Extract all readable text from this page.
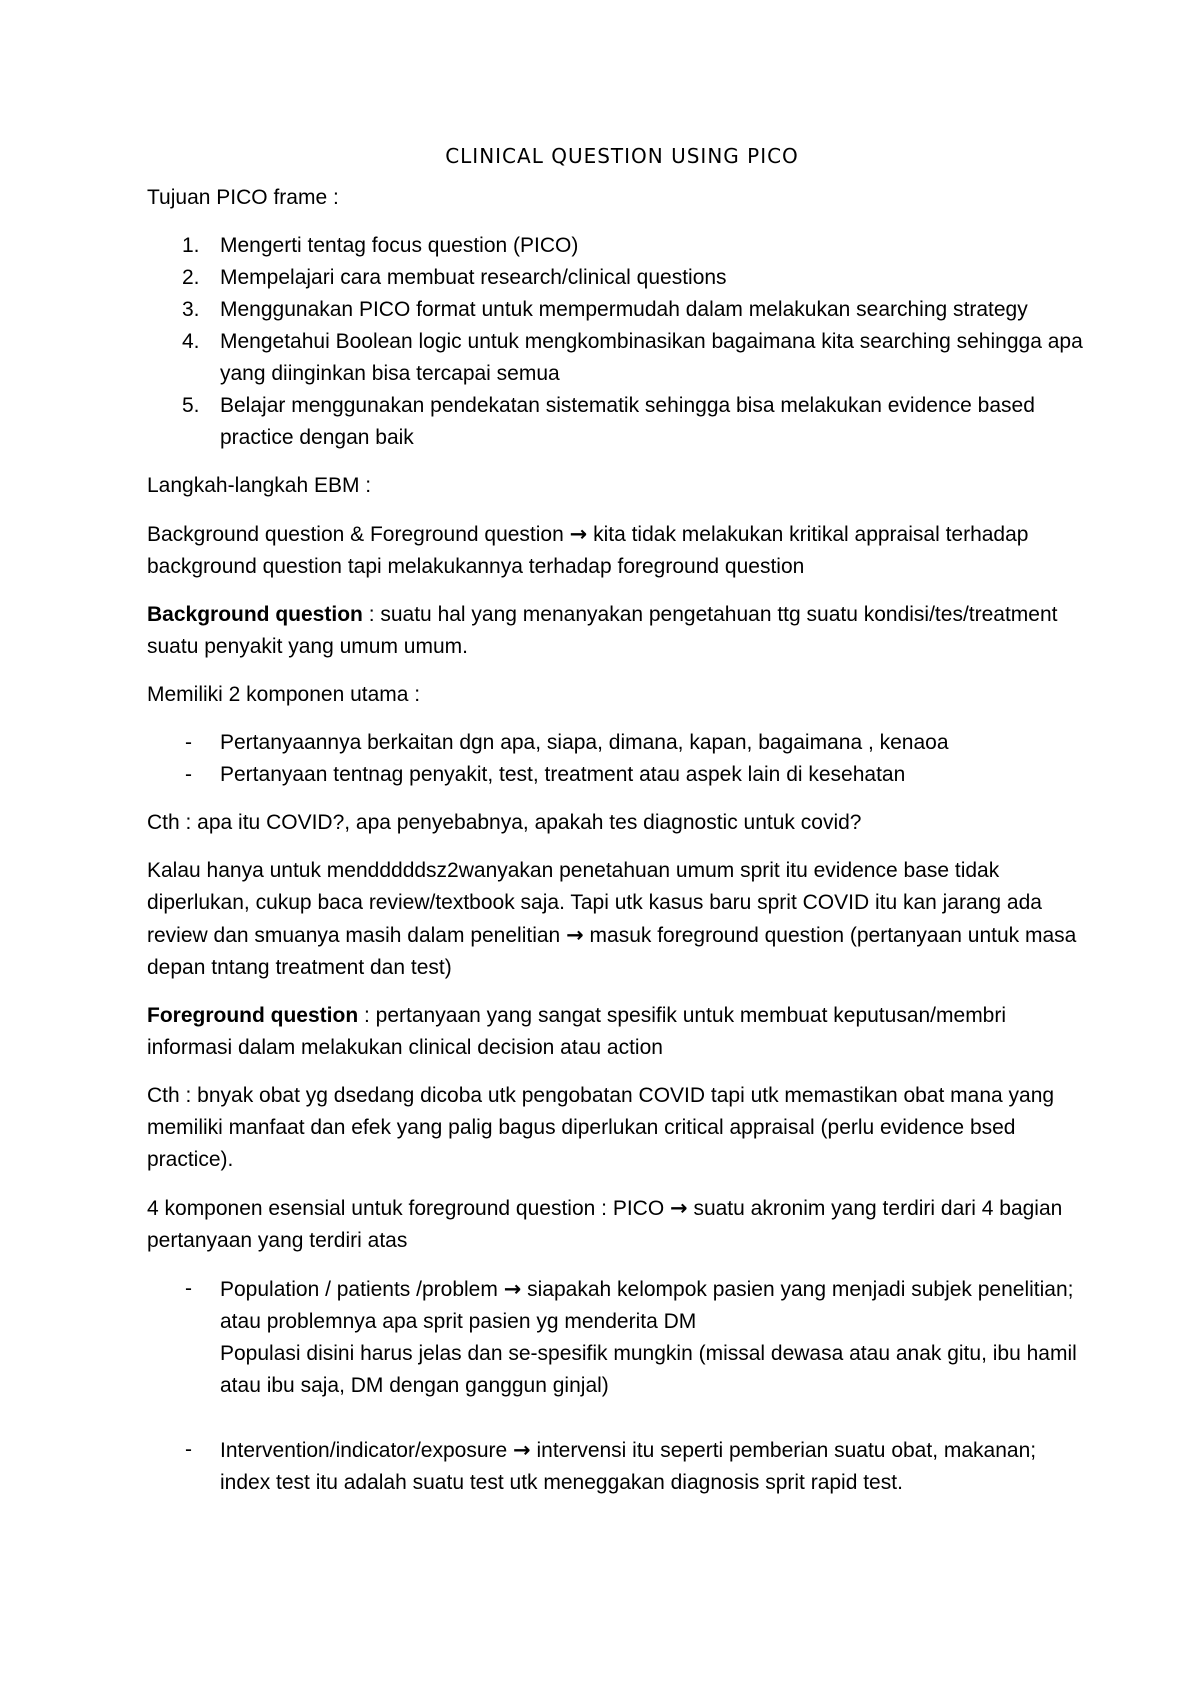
CLINICAL QUESTION USING PICO

Tujuan PICO frame :

1. Mengerti tentag focus question (PICO)
2. Mempelajari cara membuat research/clinical questions
3. Menggunakan PICO format untuk mempermudah dalam melakukan searching strategy
4. Mengetahui Boolean logic untuk mengkombinasikan bagaimana kita searching sehingga apa yang diinginkan bisa tercapai semua
5. Belajar menggunakan pendekatan sistematik sehingga bisa melakukan evidence based practice dengan baik

Langkah-langkah EBM :

Background question & Foreground question → kita tidak melakukan kritikal appraisal terhadap background question tapi melakukannya terhadap foreground question

Background question : suatu hal yang menanyakan pengetahuan ttg suatu kondisi/tes/treatment suatu penyakit yang umum umum.

Memiliki 2 komponen utama :

- Pertanyaannya berkaitan dgn apa, siapa, dimana, kapan, bagaimana , kenaoa
- Pertanyaan tentnag penyakit, test, treatment atau aspek lain di kesehatan

Cth : apa itu COVID?, apa penyebabnya, apakah tes diagnostic untuk covid?

Kalau hanya untuk mendddddsz2wanyakan penetahuan umum sprit itu evidence base tidak diperlukan, cukup baca review/textbook saja. Tapi utk kasus baru sprit COVID itu kan jarang ada review dan smuanya masih dalam penelitian → masuk foreground question (pertanyaan untuk masa depan tntang treatment dan test)

Foreground question : pertanyaan yang sangat spesifik untuk membuat keputusan/membri informasi dalam melakukan clinical decision atau action

Cth : bnyak obat yg dsedang dicoba utk pengobatan COVID tapi utk memastikan obat mana yang memiliki manfaat dan efek yang palig bagus diperlukan critical appraisal (perlu evidence bsed practice).

4 komponen esensial untuk foreground question : PICO → suatu akronim yang terdiri dari 4 bagian pertanyaan yang terdiri atas

- Population / patients /problem → siapakah kelompok pasien yang menjadi subjek penelitian; atau problemnya apa sprit pasien yg menderita DM
Populasi disini harus jelas dan se-spesifik mungkin (missal dewasa atau anak gitu, ibu hamil atau ibu saja, DM dengan ganggun ginjal)
- Intervention/indicator/exposure → intervensi itu seperti pemberian suatu obat, makanan; index test itu adalah suatu test utk meneggakan diagnosis sprit rapid test.
